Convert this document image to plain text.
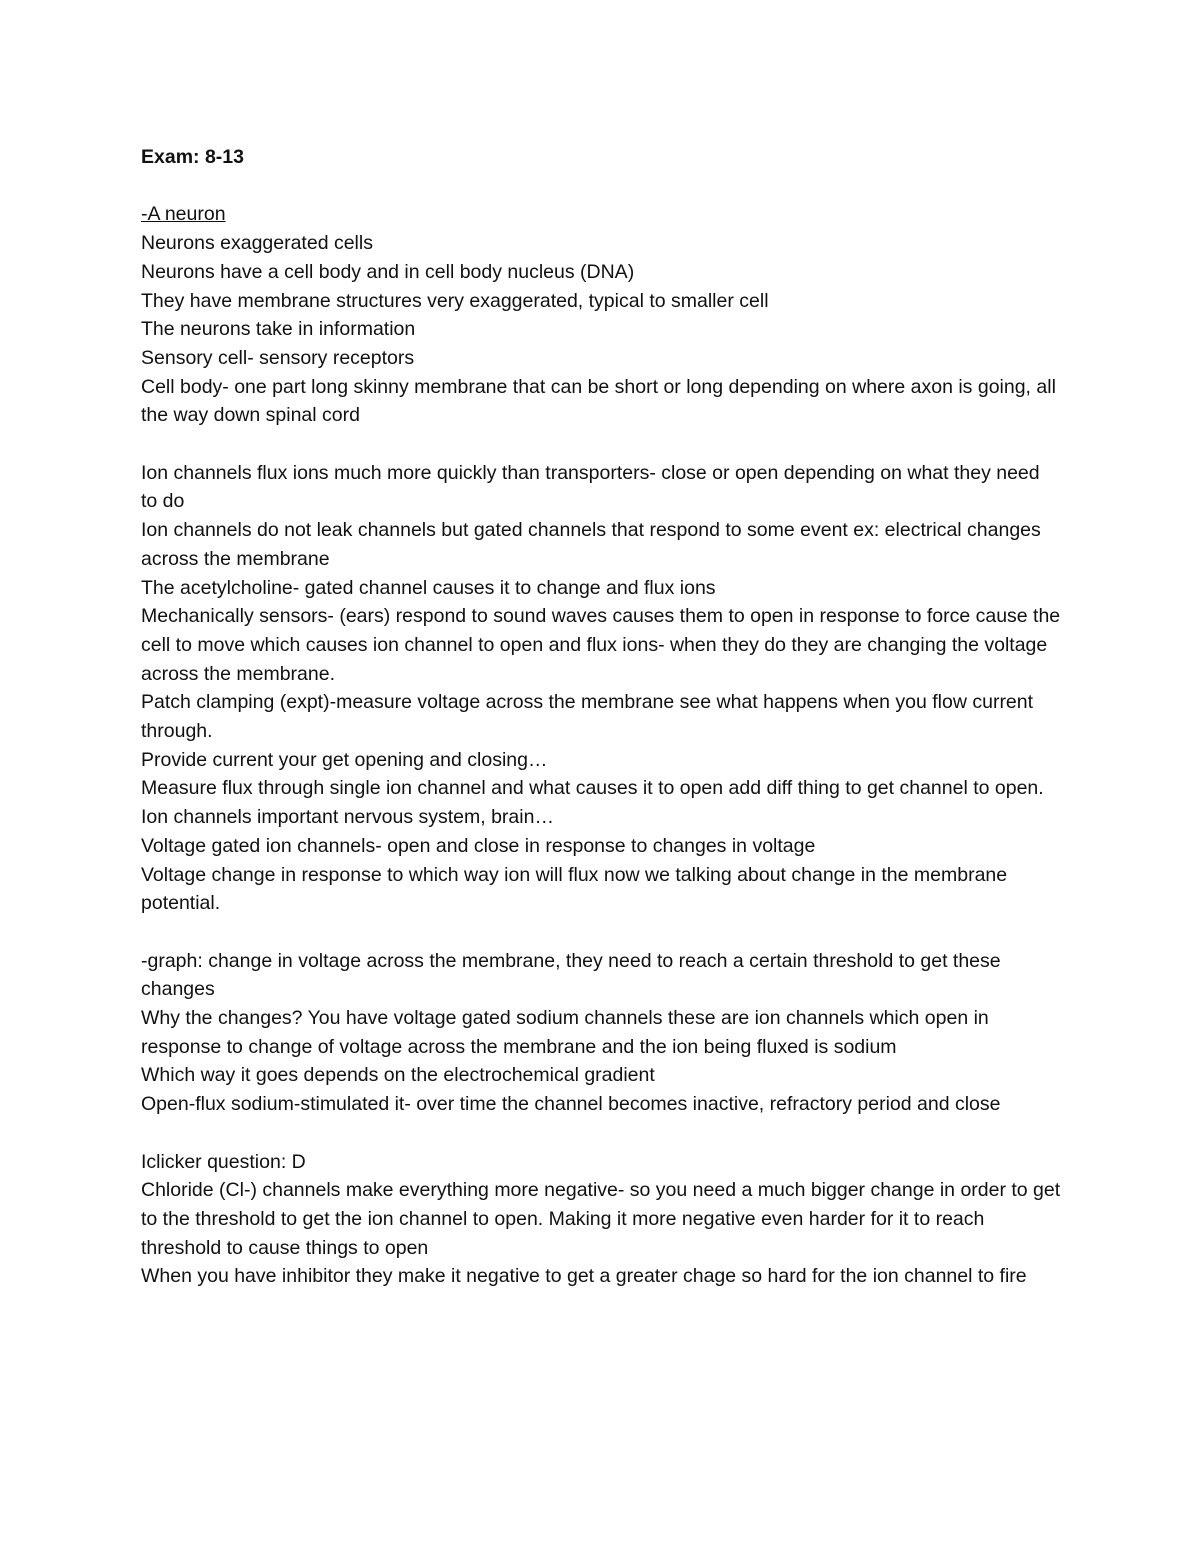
Exam: 8-13

-A neuron

Neurons exaggerated cells

Neurons have a cell body and in cell body nucleus (DNA)

They have membrane structures very exaggerated, typical to smaller cell

The neurons take in information

Sensory cell- sensory receptors

Cell body- one part long skinny membrane that can be short or long depending on where axon is going, all the way down spinal cord

Ion channels flux ions much more quickly than transporters- close or open depending on what they need to do

Ion channels do not leak channels but gated channels that respond to some event ex: electrical changes across the membrane

The acetylcholine- gated channel causes it to change and flux ions

Mechanically sensors- (ears) respond to sound waves causes them to open in response to force cause the cell to move which causes ion channel to open and flux ions- when they do they are changing the voltage across the membrane.

Patch clamping (expt)-measure voltage across the membrane see what happens when you flow current through.

Provide current your get opening and closing…

Measure flux through single ion channel and what causes it to open add diff thing to get channel to open.

Ion channels important nervous system, brain…

Voltage gated ion channels- open and close in response to changes in voltage

Voltage change in response to which way ion will flux now we talking about change in the membrane potential.

-graph: change in voltage across the membrane, they need to reach a certain threshold to get these changes

Why the changes? You have voltage gated sodium channels these are ion channels which open in response to change of voltage across the membrane and the ion being fluxed is sodium

Which way it goes depends on the electrochemical gradient

Open-flux sodium-stimulated it- over time the channel becomes inactive, refractory period and close

Iclicker question: D

Chloride (Cl-) channels make everything more negative- so you need a much bigger change in order to get to the threshold to get the ion channel to open. Making it more negative even harder for it to reach threshold to cause things to open

When you have inhibitor they make it negative to get a greater chage so hard for the ion channel to fire
